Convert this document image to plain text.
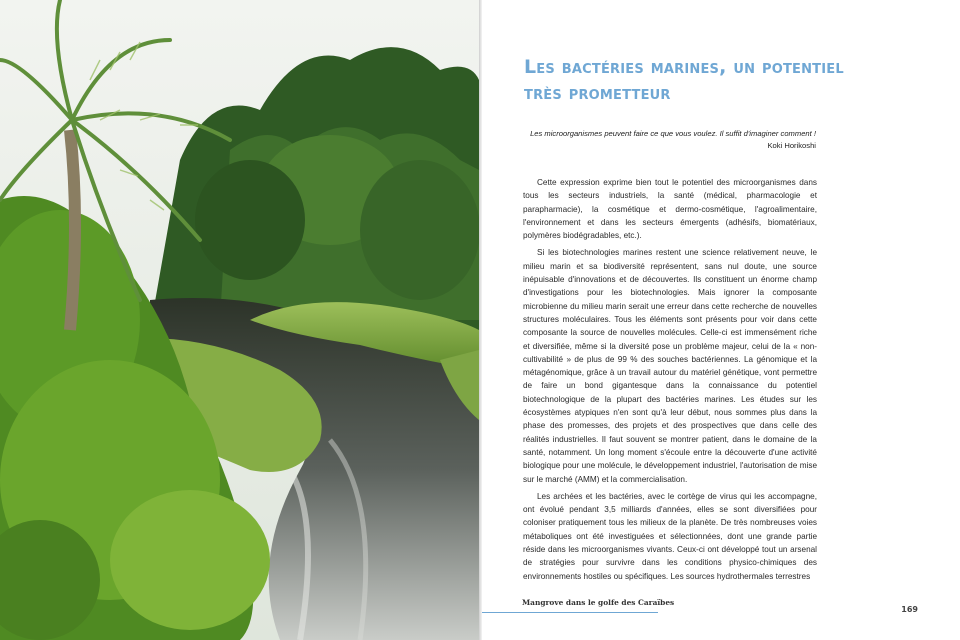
Les bactéries marines, un potentiel
très prometteur
Les microorganismes peuvent faire ce que vous voulez. Il suffit d'imaginer comment !
Koki Horikoshi

Cette expression exprime bien tout le potentiel des microorganismes dans tous les secteurs industriels, la santé (médical, pharmacologie et parapharmacie), la cosmétique et dermo-cosmétique, l'agroalimentaire, l'environnement et dans les secteurs émergents (adhésifs, biomatériaux, polymères biodégradables, etc.).

Si les biotechnologies marines restent une science relativement neuve, le milieu marin et sa biodiversité représentent, sans nul doute, une source inépuisable d'innovations et de découvertes. Ils constituent un énorme champ d'investigations pour les biotechnologies. Mais ignorer la composante microbienne du milieu marin serait une erreur dans cette recherche de nouvelles structures moléculaires. Tous les éléments sont présents pour voir dans cette composante la source de nouvelles molécules. Celle-ci est immensément riche et diversifiée, même si la diversité pose un problème majeur, celui de la « non-cultivabilité » de plus de 99 % des souches bactériennes. La génomique et la métagénomique, grâce à un travail autour du matériel génétique, vont permettre de faire un bond gigantesque dans la connaissance du potentiel biotechnologique de la plupart des bactéries marines. Les études sur les écosystèmes atypiques n'en sont qu'à leur début, nous sommes plus dans la phase des promesses, des projets et des prospectives que dans celle des réalités industrielles. Il faut souvent se montrer patient, dans le domaine de la santé, notamment. Un long moment s'écoule entre la découverte d'une activité biologique pour une molécule, le développement industriel, l'autorisation de mise sur le marché (AMM) et la commercialisation.

Les archées et les bactéries, avec le cortège de virus qui les accompagne, ont évolué pendant 3,5 milliards d'années, elles se sont diversifiées pour coloniser pratiquement tous les milieux de la planète. De très nombreuses voies métaboliques ont été investiguées et sélectionnées, dont une grande partie réside dans les microorganismes vivants. Ceux-ci ont développé tout un arsenal de stratégies pour survivre dans les conditions physico-chimiques des environnements hostiles ou spécifiques. Les sources hydrothermales terrestres

Mangrove dans le golfe des Caraïbes
169
